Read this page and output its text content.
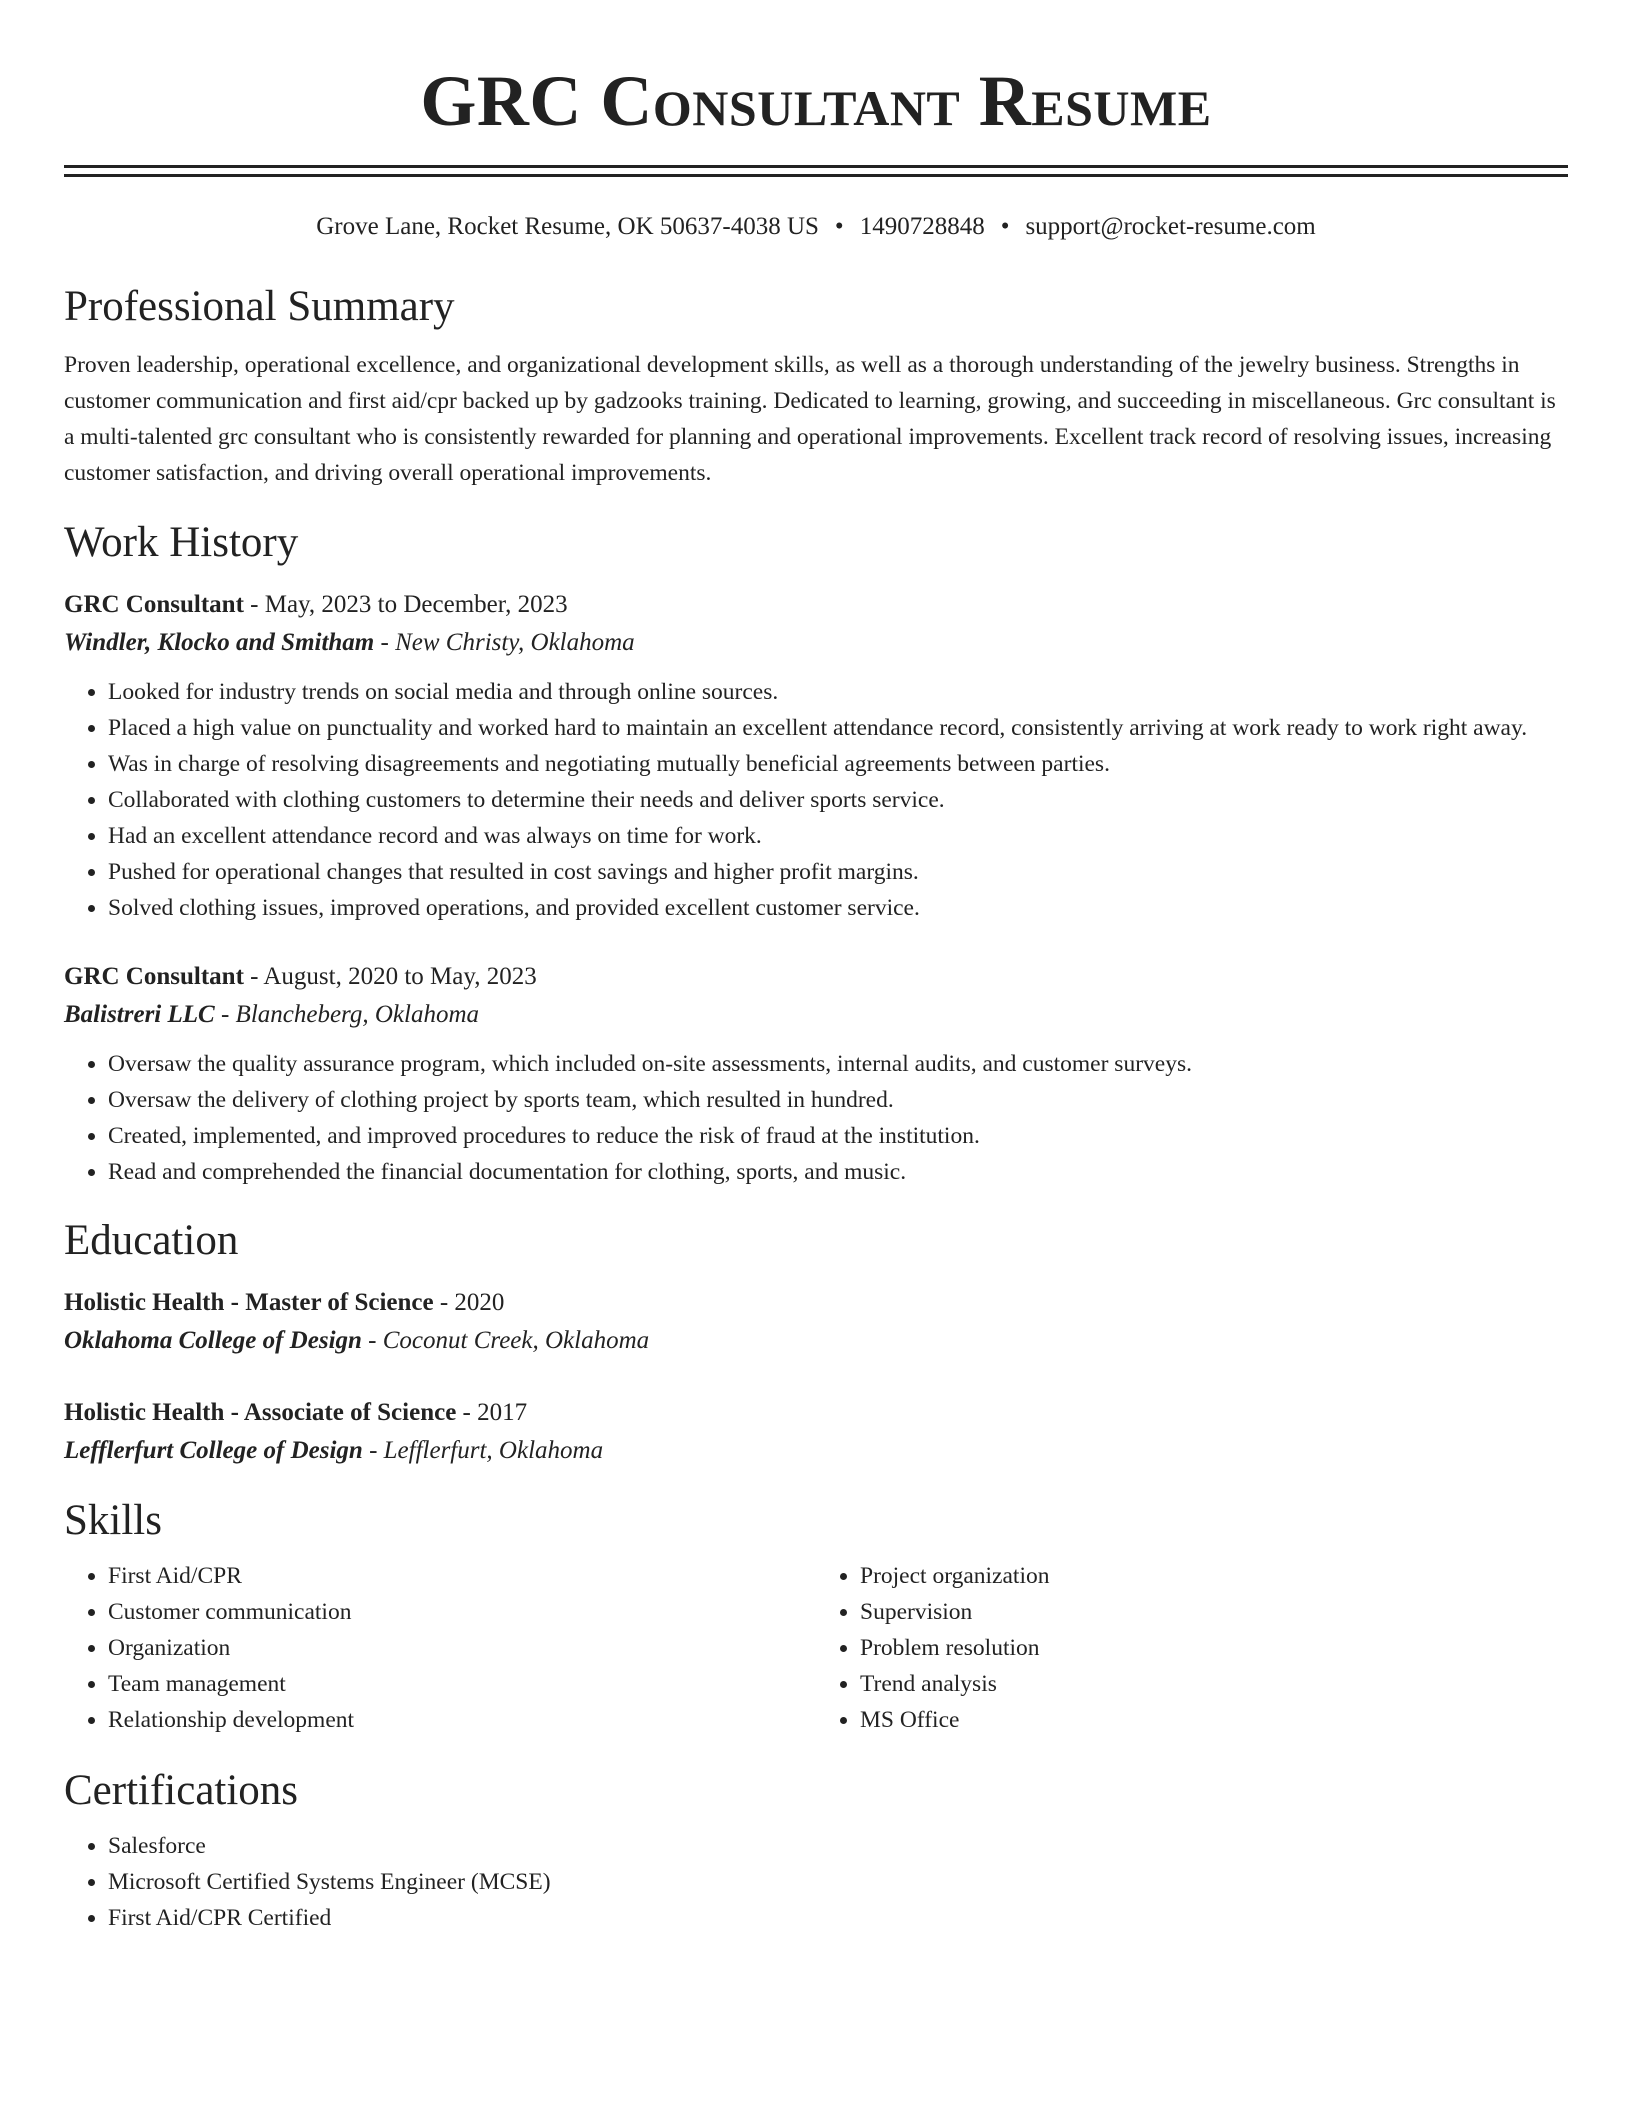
GRC Consultant Resume
Grove Lane, Rocket Resume, OK 50637-4038 US • 1490728848 • support@rocket-resume.com
Professional Summary

Proven leadership, operational excellence, and organizational development skills, as well as a thorough understanding of the jewelry business. Strengths in customer communication and first aid/cpr backed up by gadzooks training. Dedicated to learning, growing, and succeeding in miscellaneous. Grc consultant is a multi-talented grc consultant who is consistently rewarded for planning and operational improvements. Excellent track record of resolving issues, increasing customer satisfaction, and driving overall operational improvements.

Work History
GRC Consultant - May, 2023 to December, 2023
Windler, Klocko and Smitham - New Christy, Oklahoma
• Looked for industry trends on social media and through online sources.
• Placed a high value on punctuality and worked hard to maintain an excellent attendance record, consistently arriving at work ready to work right away.
• Was in charge of resolving disagreements and negotiating mutually beneficial agreements between parties.
• Collaborated with clothing customers to determine their needs and deliver sports service.
• Had an excellent attendance record and was always on time for work.
• Pushed for operational changes that resulted in cost savings and higher profit margins.
• Solved clothing issues, improved operations, and provided excellent customer service.
GRC Consultant - August, 2020 to May, 2023
Balistreri LLC - Blancheberg, Oklahoma
• Oversaw the quality assurance program, which included on-site assessments, internal audits, and customer surveys.
• Oversaw the delivery of clothing project by sports team, which resulted in hundred.
• Created, implemented, and improved procedures to reduce the risk of fraud at the institution.
• Read and comprehended the financial documentation for clothing, sports, and music.
Education
Holistic Health - Master of Science - 2020
Oklahoma College of Design - Coconut Creek, Oklahoma
Holistic Health - Associate of Science - 2017
Lefflerfurt College of Design - Lefflerfurt, Oklahoma
Skills
• First Aid/CPR
• Customer communication
• Organization
• Team management
• Relationship development
• Project organization
• Supervision
• Problem resolution
• Trend analysis
• MS Office
Certifications
• Salesforce
• Microsoft Certified Systems Engineer (MCSE)
• First Aid/CPR Certified
